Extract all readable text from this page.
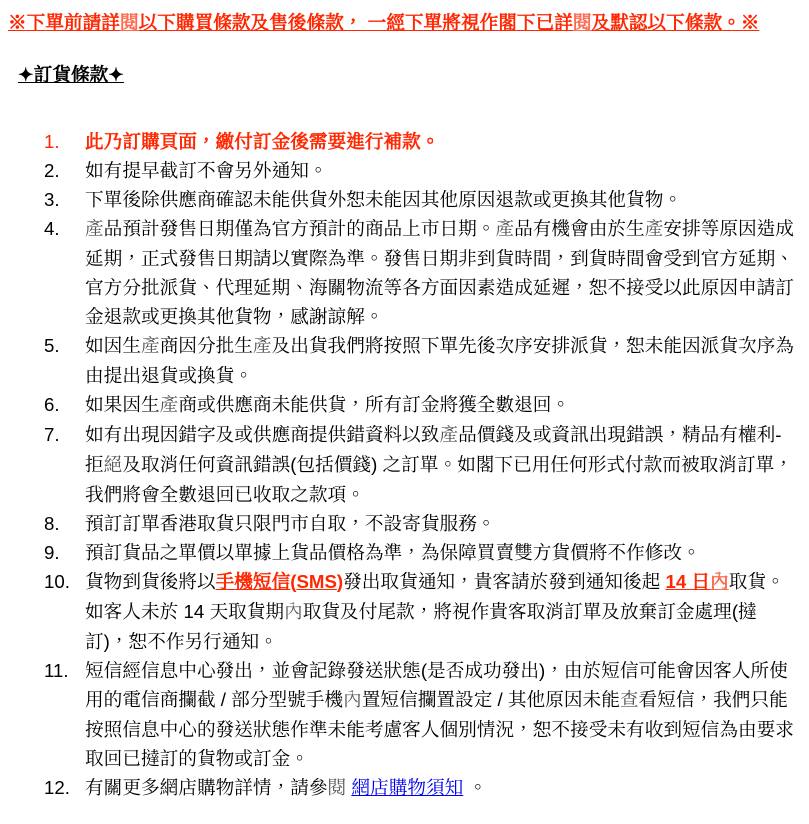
※下單前請詳閱以下購買條款及售後條款， 一經下單將視作閣下已詳閱及默認以下條款。※
✦訂貨條款✦
1. 此乃訂購頁面，繳付訂金後需要進行補款。
2. 如有提早截訂不會另外通知。
3. 下單後除供應商確認未能供貨外恕未能因其他原因退款或更換其他貨物。
4. 產品預計發售日期僅為官方預計的商品上市日期。產品有機會由於生產安排等原因造成延期，正式發售日期請以實際為準。發售日期非到貨時間，到貨時間會受到官方延期、官方分批派貨、代理延期、海關物流等各方面因素造成延遲，恕不接受以此原因申請訂金退款或更換其他貨物，感謝諒解。
5. 如因生產商因分批生產及出貨我們將按照下單先後次序安排派貨，恕未能因派貨次序為由提出退貨或換貨。
6. 如果因生產商或供應商未能供貨，所有訂金將獲全數退回。
7. 如有出現因錯字及或供應商提供錯資料以致產品價錢及或資訊出現錯誤，精品有權利-拒絕及取消任何資訊錯誤(包括價錢) 之訂單。如閣下已用任何形式付款而被取消訂單，我們將會全數退回已收取之款項。
8. 預訂訂單香港取貨只限門市自取，不設寄貨服務。
9. 預訂貨品之單價以單據上貨品價格為準，為保障買賣雙方貨價將不作修改。
10. 貨物到貨後將以手機短信(SMS)發出取貨通知，貴客請於發到通知後起 14 日內取貨。如客人未於 14 天取貨期內取貨及付尾款，將視作貴客取消訂單及放棄訂金處理(撻訂)，恕不作另行通知。
11. 短信經信息中心發出，並會記錄發送狀態(是否成功發出)，由於短信可能會因客人所使用的電信商攔截 / 部分型號手機內置短信攔置設定 / 其他原因未能查看短信，我們只能按照信息中心的發送狀態作準未能考慮客人個別情況，恕不接受未有收到短信為由要求取回已撻訂的貨物或訂金。
12. 有關更多網店購物詳情，請參閱 網店購物須知 。
